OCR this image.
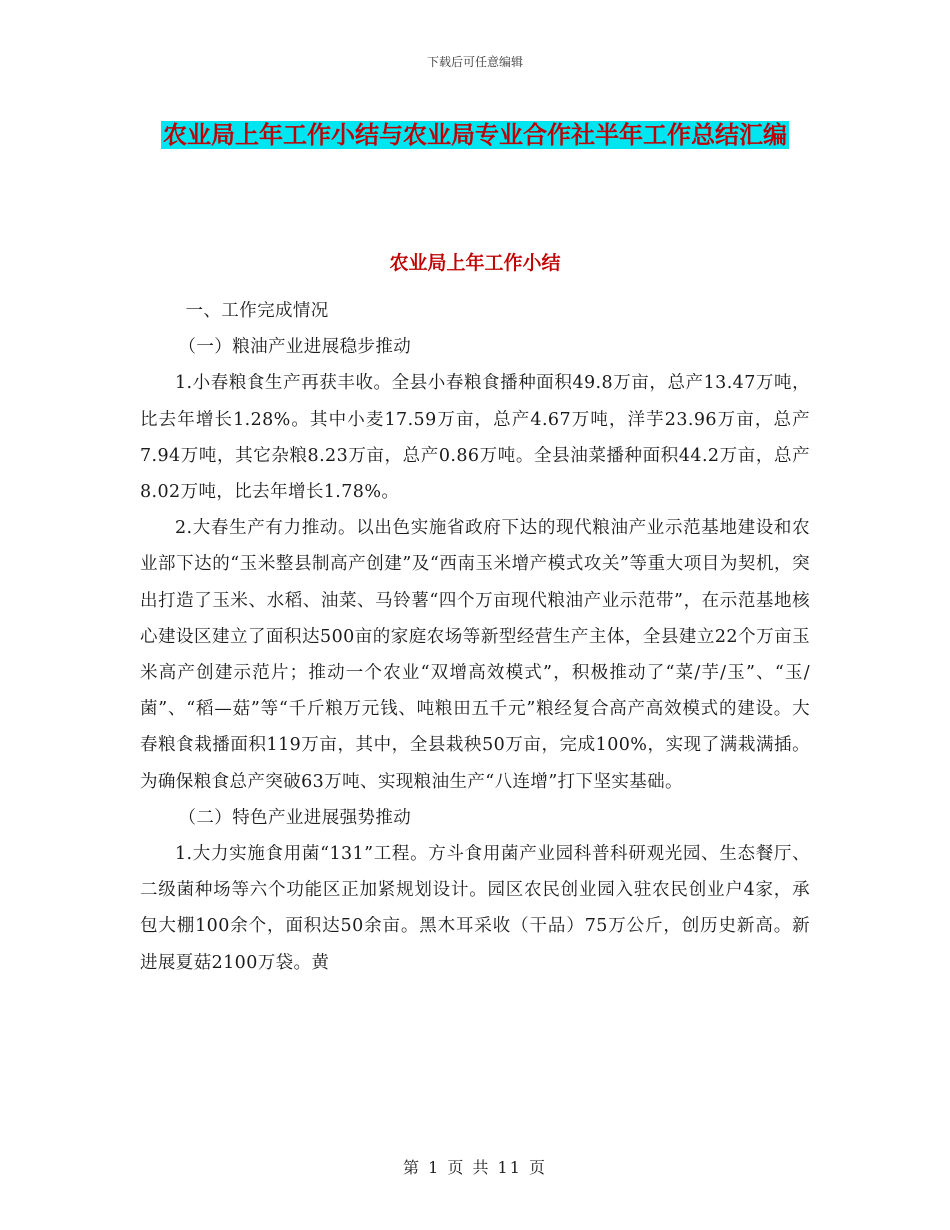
下载后可任意编辑
农业局上年工作小结与农业局专业合作社半年工作总结汇编
农业局上年工作小结

一、工作完成情况

（一）粮油产业进展稳步推动

1.小春粮食生产再获丰收。全县小春粮食播种面积49.8万亩，总产13.47万吨，比去年增长1.28%。其中小麦17.59万亩，总产4.67万吨，洋芋23.96万亩，总产7.94万吨，其它杂粮8.23万亩，总产0.86万吨。全县油菜播种面积44.2万亩，总产8.02万吨，比去年增长1.78%。

2.大春生产有力推动。以出色实施省政府下达的现代粮油产业示范基地建设和农业部下达的“玉米整县制高产创建”及“西南玉米增产模式攻关”等重大项目为契机，突出打造了玉米、水稻、油菜、马铃薯“四个万亩现代粮油产业示范带”，在示范基地核心建设区建立了面积达500亩的家庭农场等新型经营生产主体，全县建立22个万亩玉米高产创建示范片；推动一个农业“双增高效模式”，积极推动了“菜/芋/玉”、“玉/菌”、“稻—菇”等“千斤粮万元钱、吨粮田五千元”粮经复合高产高效模式的建设。大春粮食栽播面积119万亩，其中，全县栽秧50万亩，完成100%，实现了满栽满插。为确保粮食总产突破63万吨、实现粮油生产“八连增”打下坚实基础。

（二）特色产业进展强势推动

1.大力实施食用菌“131”工程。方斗食用菌产业园科普科研观光园、生态餐厅、二级菌种场等六个功能区正加紧规划设计。园区农民创业园入驻农民创业户4家，承包大棚100余个，面积达50余亩。黑木耳采收（干品）75万公斤，创历史新高。新进展夏菇2100万袋。黄

第 1 页 共 11 页
